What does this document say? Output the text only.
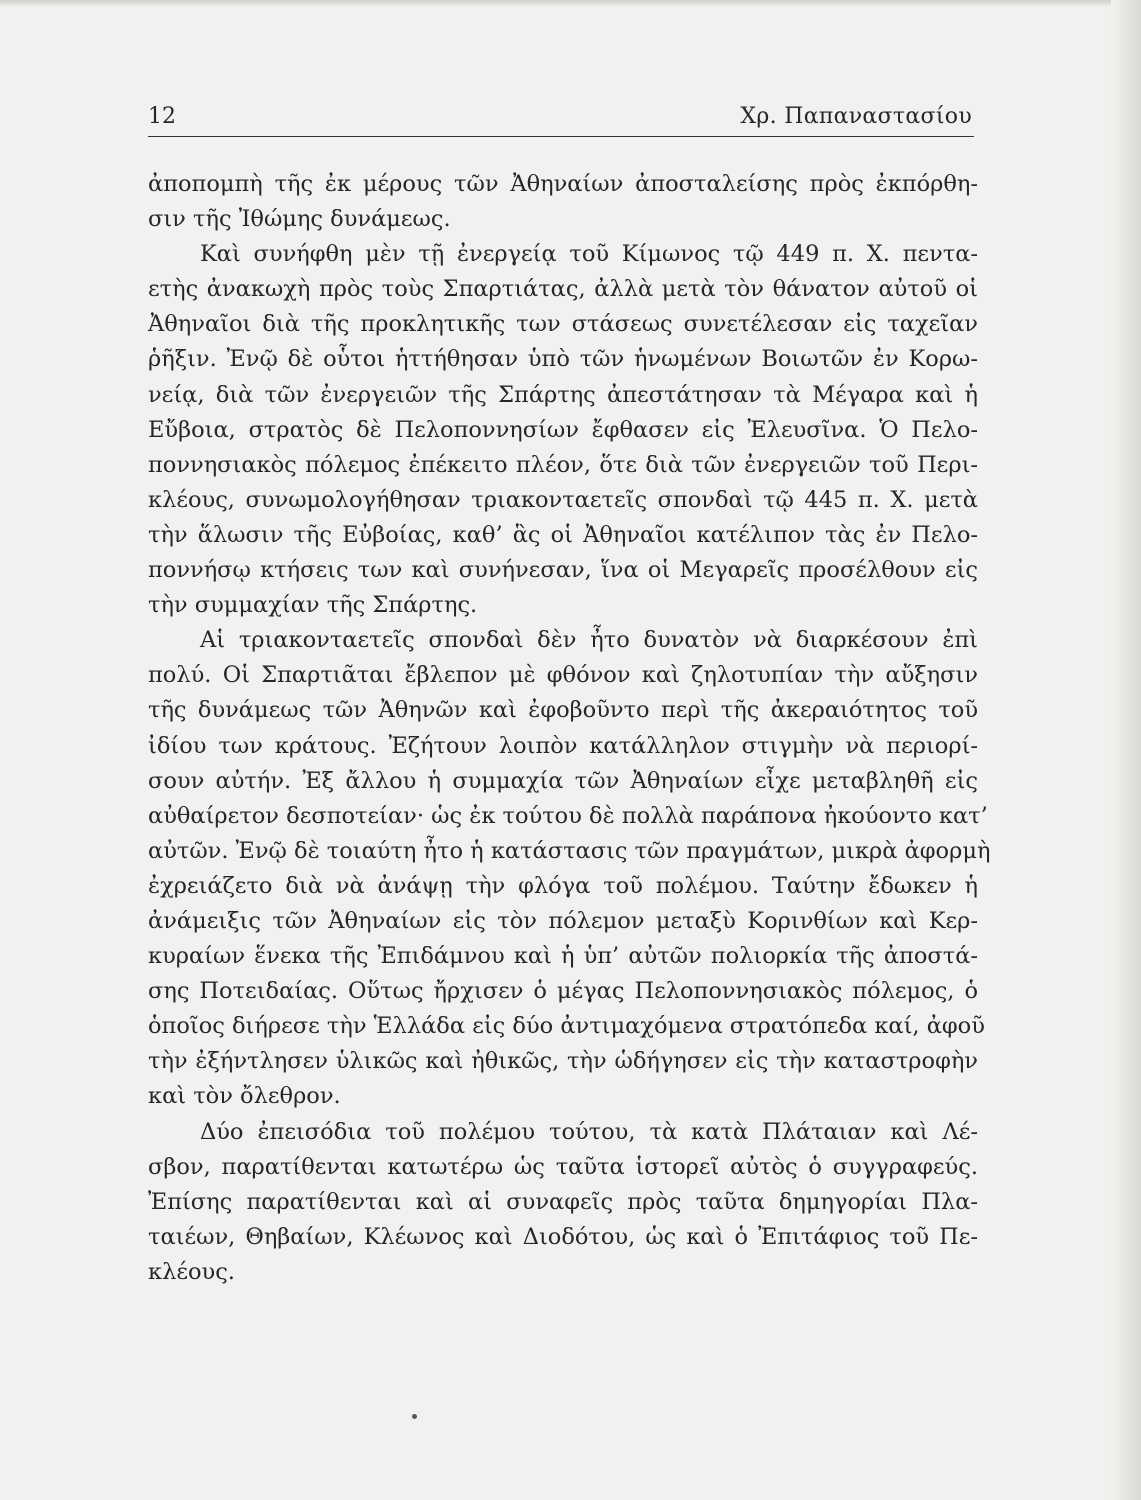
12	Χρ. Παπαναστασίου
ἀποπομπὴ τῆς ἐκ μέρους τῶν Ἀθηναίων ἀποσταλείσης πρὸς ἐκπόρθη-
σιν τῆς Ἰθώμης δυνάμεως.
Καὶ συνήφθη μὲν τῇ ἐνεργείᾳ τοῦ Κίμωνος τῷ 449 π. Χ. πεντα-
ετὴς ἀνακωχὴ πρὸς τοὺς Σπαρτιάτας, ἀλλὰ μετὰ τὸν θάνατον αὐτοῦ οἱ
Ἀθηναῖοι διὰ τῆς προκλητικῆς των στάσεως συνετέλεσαν εἰς ταχεῖαν
ῥῆξιν. Ἐνῷ δὲ οὗτοι ἡττήθησαν ὑπὸ τῶν ἡνωμένων Βοιωτῶν ἐν Κορω-
νείᾳ, διὰ τῶν ἐνεργειῶν τῆς Σπάρτης ἀπεστάτησαν τὰ Μέγαρα καὶ ἡ
Εὔβοια, στρατὸς δὲ Πελοποννησίων ἔφθασεν εἰς Ἐλευσῖνα. Ὁ Πελο-
ποννησιακὸς πόλεμος ἐπέκειτο πλέον, ὅτε διὰ τῶν ἐνεργειῶν τοῦ Περι-
κλέους, συνωμολογήθησαν τριακονταετεῖς σπονδαὶ τῷ 445 π. Χ. μετὰ
τὴν ἅλωσιν τῆς Εὐβοίας, καθ’ ἃς οἱ Ἀθηναῖοι κατέλιπον τὰς ἐν Πελο-
ποννήσῳ κτήσεις των καὶ συνήνεσαν, ἵνα οἱ Μεγαρεῖς προσέλθουν εἰς
τὴν συμμαχίαν τῆς Σπάρτης.
Αἱ τριακονταετεῖς σπονδαὶ δὲν ἦτο δυνατὸν νὰ διαρκέσουν ἐπὶ
πολύ. Οἱ Σπαρτιᾶται ἔβλεπον μὲ φθόνον καὶ ζηλοτυπίαν τὴν αὔξησιν
τῆς δυνάμεως τῶν Ἀθηνῶν καὶ ἐφοβοῦντο περὶ τῆς ἀκεραιότητος τοῦ
ἰδίου των κράτους. Ἐζήτουν λοιπὸν κατάλληλον στιγμὴν νὰ περιορί-
σουν αὐτήν. Ἐξ ἄλλου ἡ συμμαχία τῶν Ἀθηναίων εἶχε μεταβληθῆ εἰς
αὐθαίρετον δεσποτείαν· ὡς ἐκ τούτου δὲ πολλὰ παράπονα ἠκούοντο κατ’
αὐτῶν. Ἐνῷ δὲ τοιαύτη ἦτο ἡ κατάστασις τῶν πραγμάτων, μικρὰ ἀφορμὴ
ἐχρειάζετο διὰ νὰ ἀνάψῃ τὴν φλόγα τοῦ πολέμου. Ταύτην ἔδωκεν ἡ
ἀνάμειξις τῶν Ἀθηναίων εἰς τὸν πόλεμον μεταξὺ Κορινθίων καὶ Κερ-
κυραίων ἕνεκα τῆς Ἐπιδάμνου καὶ ἡ ὑπ’ αὐτῶν πολιορκία τῆς ἀποστά-
σης Ποτειδαίας. Οὕτως ἤρχισεν ὁ μέγας Πελοποννησιακὸς πόλεμος, ὁ
ὁποῖος διήρεσε τὴν Ἑλλάδα εἰς δύο ἀντιμαχόμενα στρατόπεδα καί, ἀφοῦ
τὴν ἐξήντλησεν ὑλικῶς καὶ ἠθικῶς, τὴν ὡδήγησεν εἰς τὴν καταστροφὴν
καὶ τὸν ὄλεθρον.
Δύο ἐπεισόδια τοῦ πολέμου τούτου, τὰ κατὰ Πλάταιαν καὶ Λέ-
σβον, παρατίθενται κατωτέρω ὡς ταῦτα ἱστορεῖ αὐτὸς ὁ συγγραφεύς.
Ἐπίσης παρατίθενται καὶ αἱ συναφεῖς πρὸς ταῦτα δημηγορίαι Πλα-
ταιέων, Θηβαίων, Κλέωνος καὶ Διοδότου, ὡς καὶ ὁ Ἐπιτάφιος τοῦ Πε-
κλέους.
